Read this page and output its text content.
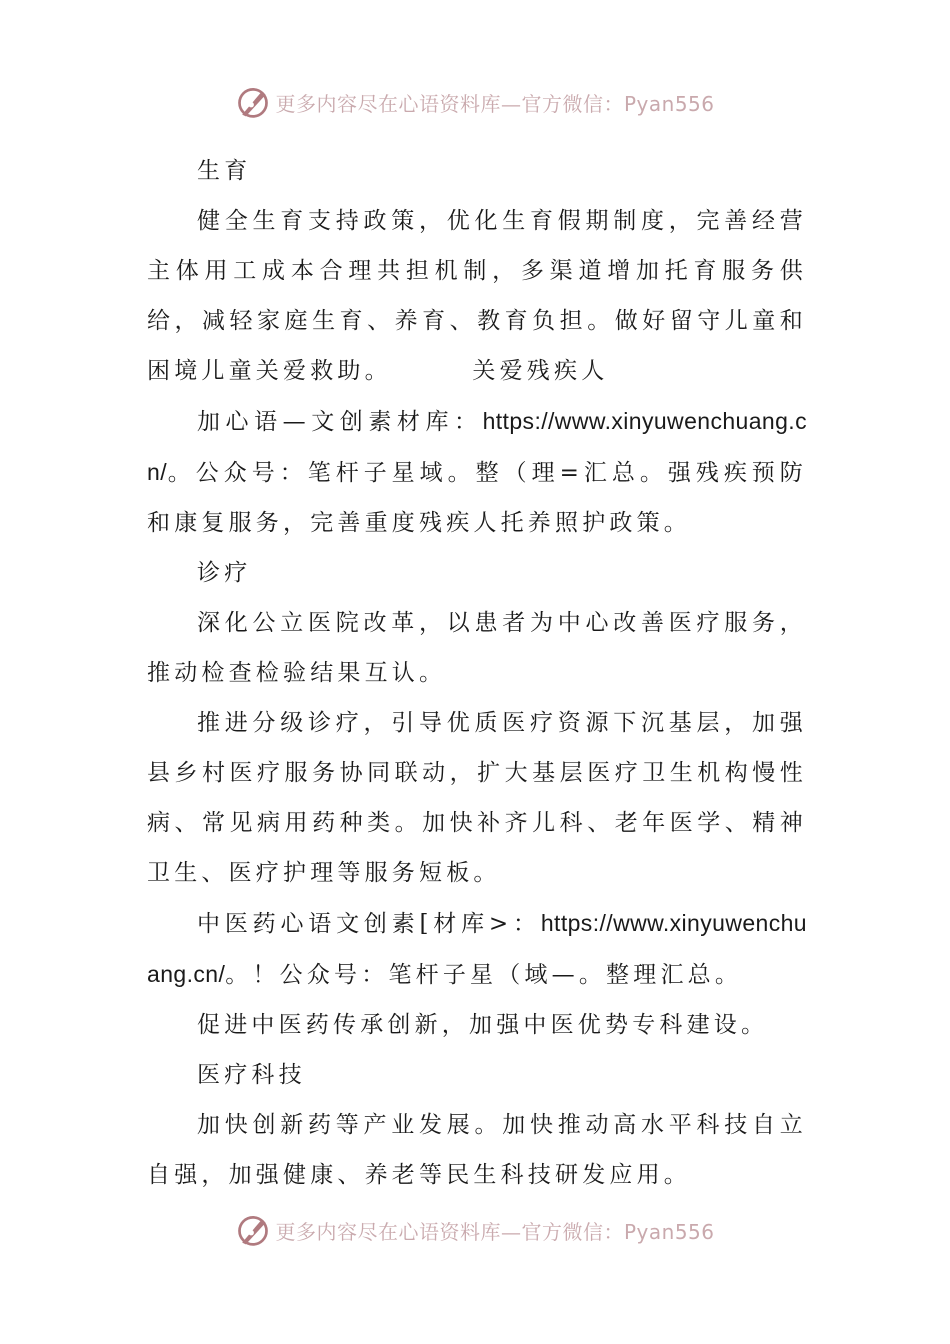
更多内容尽在心语资料库—官方微信：Pyan556

生育

健全生育支持政策，优化生育假期制度，完善经营主体用工成本合理共担机制，多渠道增加托育服务供给，减轻家庭生育、养育、教育负担。做好留守儿童和困境儿童关爱救助。	关爱残疾人

加心语—文创素材库：https://www.xinyuwenchuang.cn/。公众号：笔杆子星域。整（理=汇总。强残疾预防和康复服务，完善重度残疾人托养照护政策。

诊疗

深化公立医院改革，以患者为中心改善医疗服务，推动检查检验结果互认。

推进分级诊疗，引导优质医疗资源下沉基层，加强县乡村医疗服务协同联动，扩大基层医疗卫生机构慢性病、常见病用药种类。加快补齐儿科、老年医学、精神卫生、医疗护理等服务短板。

中医药心语文创素[材库>：https://www.xinyuwenchuang.cn/。！公众号：笔杆子星（域—。整理汇总。

促进中医药传承创新，加强中医优势专科建设。

医疗科技

加快创新药等产业发展。加快推动高水平科技自立自强，加强健康、养老等民生科技研发应用。

更多内容尽在心语资料库—官方微信：Pyan556
